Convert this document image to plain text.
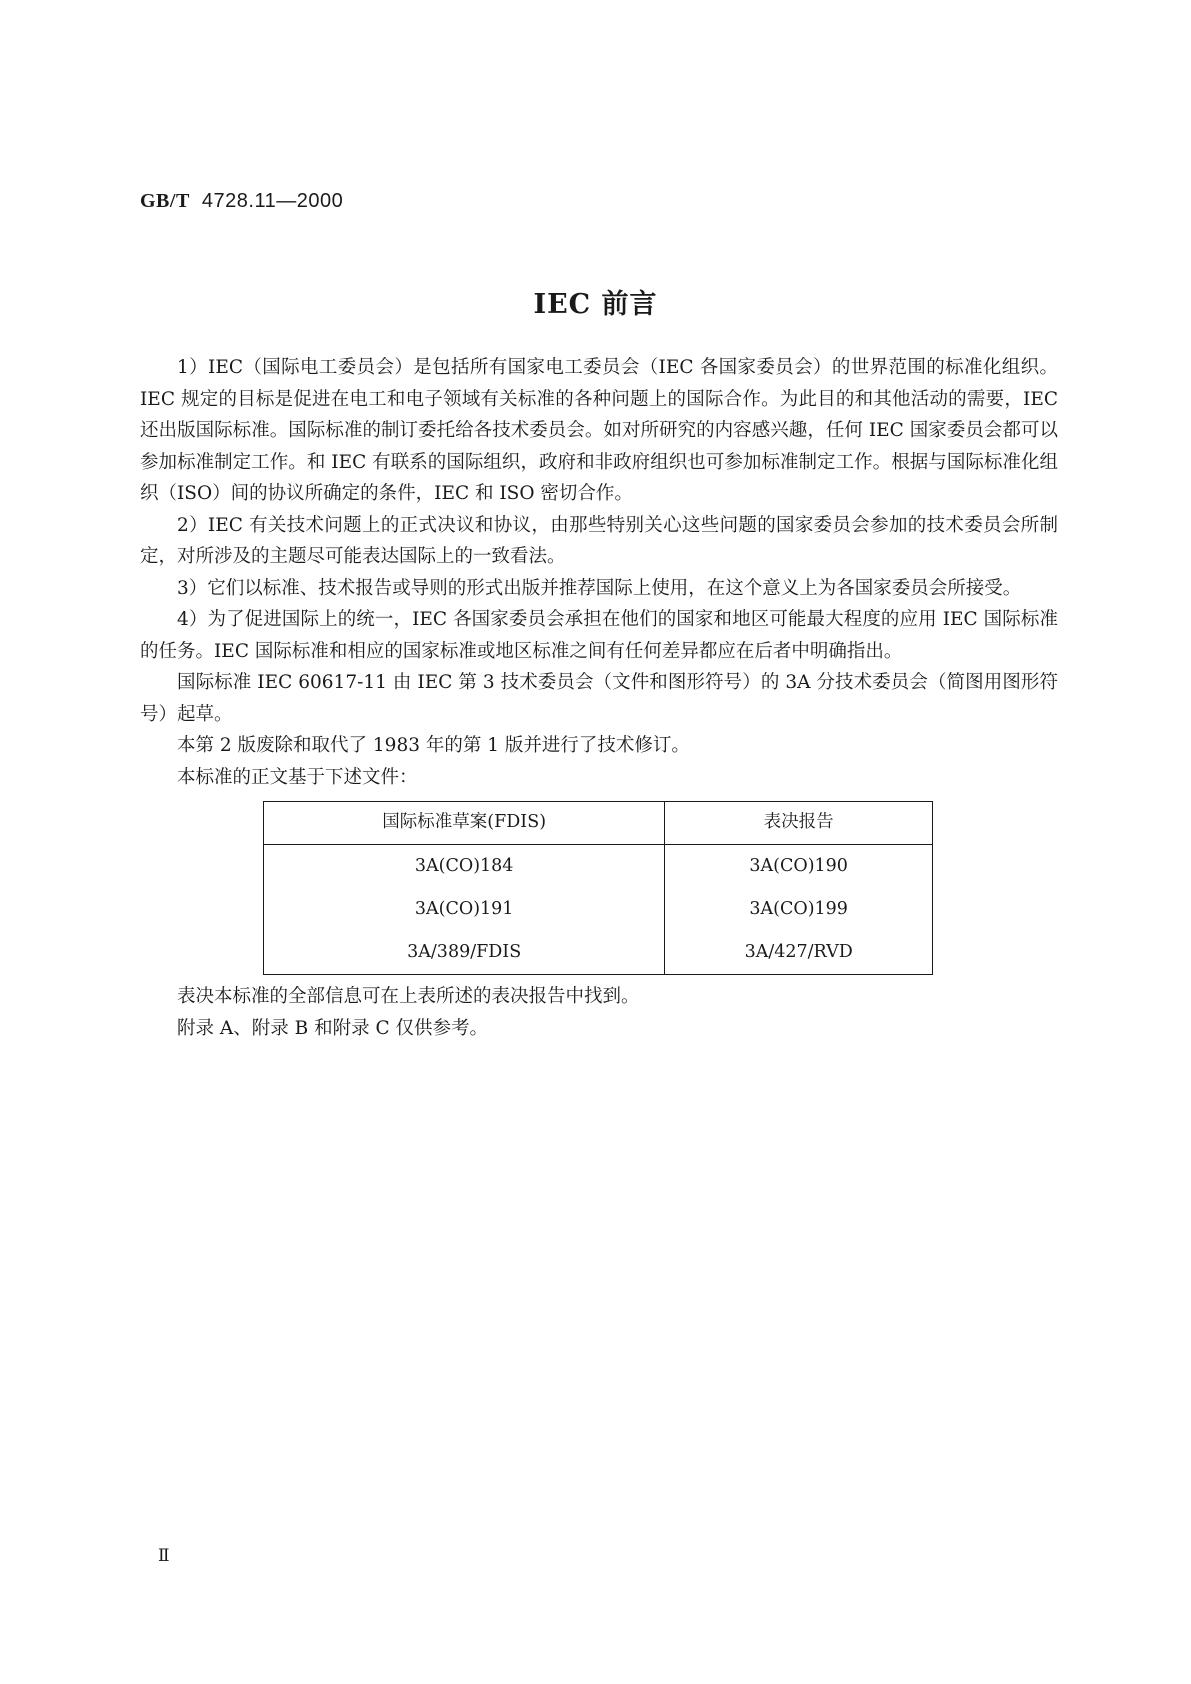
GB/T 4728.11—2000
IEC 前言

1）IEC（国际电工委员会）是包括所有国家电工委员会（IEC 各国家委员会）的世界范围的标准化组织。IEC 规定的目标是促进在电工和电子领域有关标准的各种问题上的国际合作。为此目的和其他活动的需要，IEC 还出版国际标准。国际标准的制订委托给各技术委员会。如对所研究的内容感兴趣，任何 IEC 国家委员会都可以参加标准制定工作。和 IEC 有联系的国际组织，政府和非政府组织也可参加标准制定工作。根据与国际标准化组织（ISO）间的协议所确定的条件，IEC 和 ISO 密切合作。

2）IEC 有关技术问题上的正式决议和协议，由那些特别关心这些问题的国家委员会参加的技术委员会所制定，对所涉及的主题尽可能表达国际上的一致看法。

3）它们以标准、技术报告或导则的形式出版并推荐国际上使用，在这个意义上为各国家委员会所接受。

4）为了促进国际上的统一，IEC 各国家委员会承担在他们的国家和地区可能最大程度的应用 IEC 国际标准的任务。IEC 国际标准和相应的国家标准或地区标准之间有任何差异都应在后者中明确指出。

国际标准 IEC 60617-11 由 IEC 第 3 技术委员会（文件和图形符号）的 3A 分技术委员会（简图用图形符号）起草。

本第 2 版废除和取代了 1983 年的第 1 版并进行了技术修订。

本标准的正文基于下述文件：

国际标准草案(FDIS)	表决报告
3A(CO)184	3A(CO)190
3A(CO)191	3A(CO)199
3A/389/FDIS	3A/427/RVD

表决本标准的全部信息可在上表所述的表决报告中找到。

附录 A、附录 B 和附录 C 仅供参考。

Ⅱ
